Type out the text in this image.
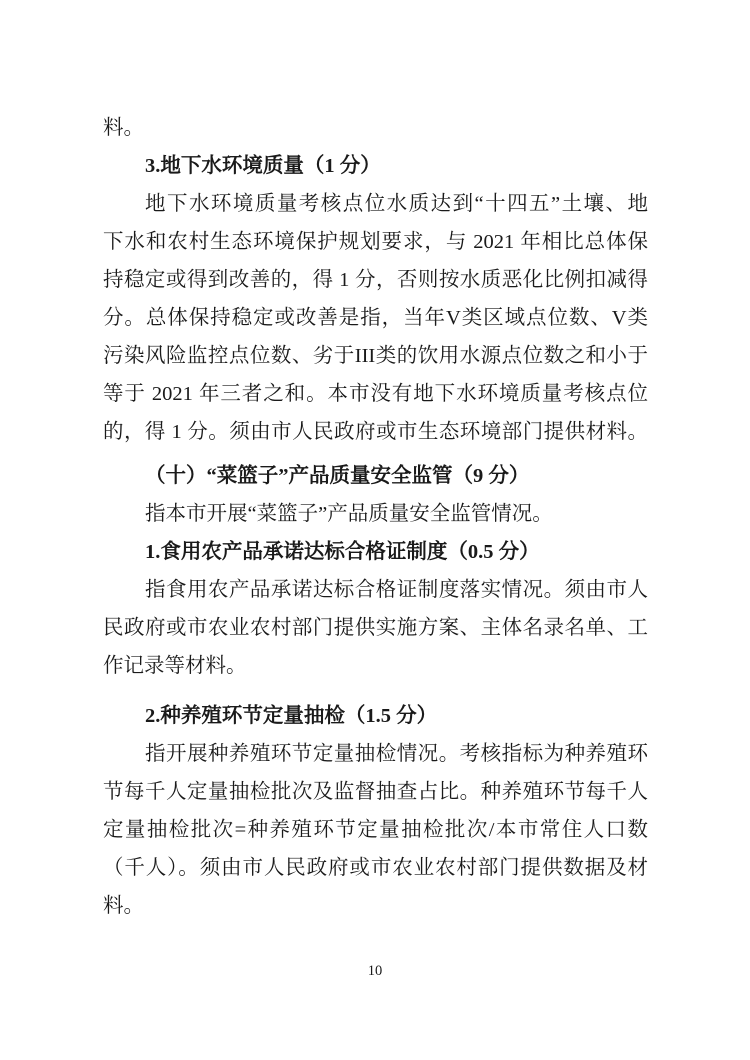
料。
3.地下水环境质量（1 分）
地下水环境质量考核点位水质达到“十四五”土壤、地
下水和农村生态环境保护规划要求，与 2021 年相比总体保
持稳定或得到改善的，得 1 分，否则按水质恶化比例扣减得
分。总体保持稳定或改善是指，当年V类区域点位数、V类
污染风险监控点位数、劣于III类的饮用水源点位数之和小于
等于 2021 年三者之和。本市没有地下水环境质量考核点位
的，得 1 分。须由市人民政府或市生态环境部门提供材料。
（十）“菜篮子”产品质量安全监管（9 分）
指本市开展“菜篮子”产品质量安全监管情况。
1.食用农产品承诺达标合格证制度（0.5 分）
指食用农产品承诺达标合格证制度落实情况。须由市人
民政府或市农业农村部门提供实施方案、主体名录名单、工
作记录等材料。
2.种养殖环节定量抽检（1.5 分）
指开展种养殖环节定量抽检情况。考核指标为种养殖环
节每千人定量抽检批次及监督抽查占比。种养殖环节每千人
定量抽检批次=种养殖环节定量抽检批次/本市常住人口数
（千人）。须由市人民政府或市农业农村部门提供数据及材
料。
10
